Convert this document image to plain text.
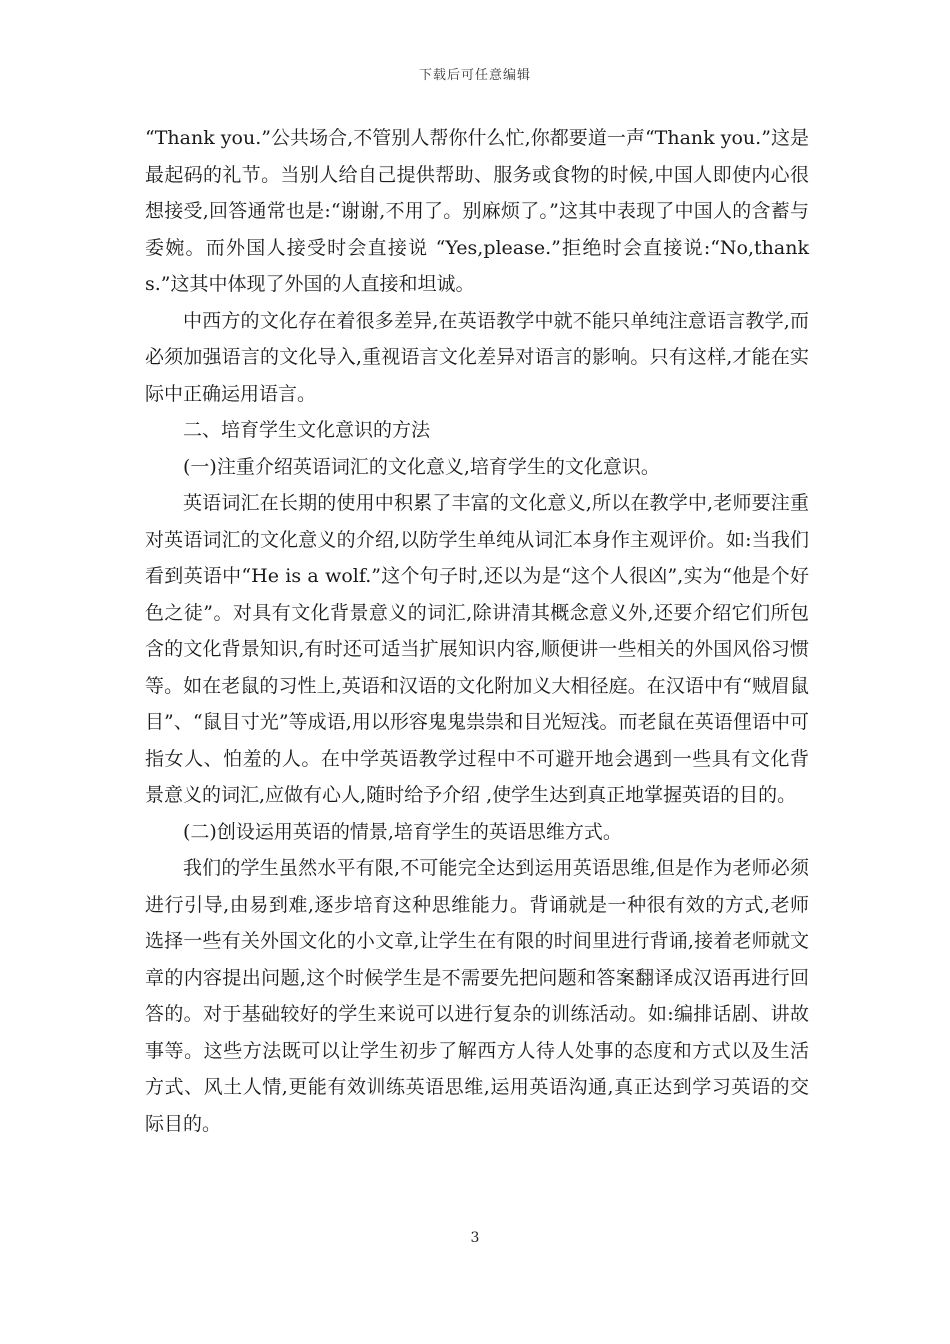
下载后可任意编辑

“Thank you.”公共场合,不管别人帮你什么忙,你都要道一声“Thank you.”这是最起码的礼节。当别人给自己提供帮助、服务或食物的时候,中国人即使内心很想接受,回答通常也是:“谢谢,不用了。别麻烦了。”这其中表现了中国人的含蓄与委婉。而外国人接受时会直接说 “Yes,please.”拒绝时会直接说:“No,thanks.”这其中体现了外国的人直接和坦诚。

中西方的文化存在着很多差异,在英语教学中就不能只单纯注意语言教学,而必须加强语言的文化导入,重视语言文化差异对语言的影响。只有这样,才能在实际中正确运用语言。

二、培育学生文化意识的方法

(一)注重介绍英语词汇的文化意义,培育学生的文化意识。

英语词汇在长期的使用中积累了丰富的文化意义,所以在教学中,老师要注重对英语词汇的文化意义的介绍,以防学生单纯从词汇本身作主观评价。如:当我们看到英语中“He is a wolf.”这个句子时,还以为是“这个人很凶”,实为“他是个好色之徒”。对具有文化背景意义的词汇,除讲清其概念意义外,还要介绍它们所包含的文化背景知识,有时还可适当扩展知识内容,顺便讲一些相关的外国风俗习惯等。如在老鼠的习性上,英语和汉语的文化附加义大相径庭。在汉语中有“贼眉鼠目”、“鼠目寸光”等成语,用以形容鬼鬼祟祟和目光短浅。而老鼠在英语俚语中可指女人、怕羞的人。在中学英语教学过程中不可避开地会遇到一些具有文化背景意义的词汇,应做有心人,随时给予介绍 ,使学生达到真正地掌握英语的目的。

(二)创设运用英语的情景,培育学生的英语思维方式。

我们的学生虽然水平有限,不可能完全达到运用英语思维,但是作为老师必须进行引导,由易到难,逐步培育这种思维能力。背诵就是一种很有效的方式,老师选择一些有关外国文化的小文章,让学生在有限的时间里进行背诵,接着老师就文章的内容提出问题,这个时候学生是不需要先把问题和答案翻译成汉语再进行回答的。对于基础较好的学生来说可以进行复杂的训练活动。如:编排话剧、讲故事等。这些方法既可以让学生初步了解西方人待人处事的态度和方式以及生活方式、风土人情,更能有效训练英语思维,运用英语沟通,真正达到学习英语的交际目的。

3
